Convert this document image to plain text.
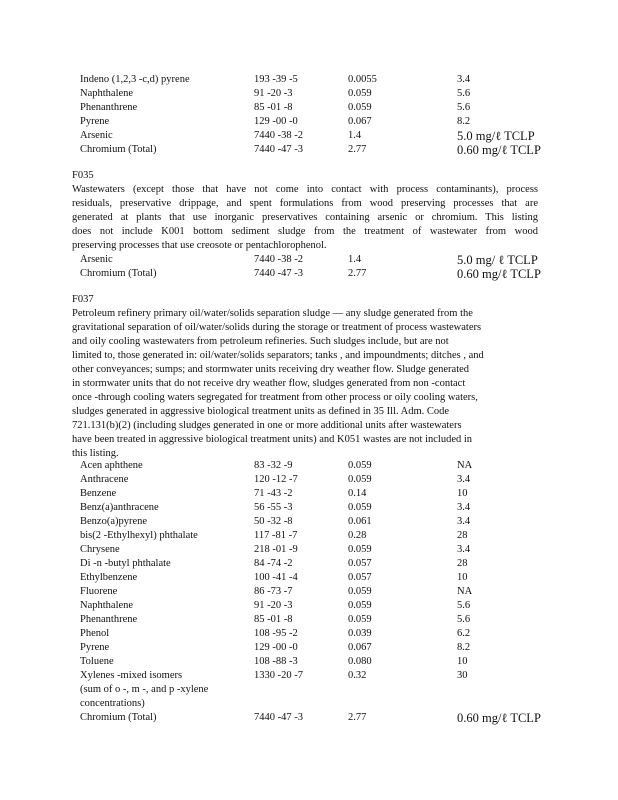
Indeno (1,2,3 -c,d) pyrene	193 -39 -5	0.0055	3.4
Naphthalene	91 -20 -3	0.059	5.6
Phenanthrene	85 -01 -8	0.059	5.6
Pyrene	129 -00 -0	0.067	8.2
Arsenic	7440 -38 -2	1.4	5.0 mg/ℓ TCLP
Chromium (Total)	7440 -47 -3	2.77	0.60 mg/ℓ TCLP
F035
Wastewaters (except those that have not come into contact with process contaminants), process
residuals, preservative drippage, and spent formulations from wood preserving processes that are
generated at plants that use inorganic preservatives containing arsenic or chromium. This listing
does not include K001 bottom sediment sludge from the treatment of wastewater from wood
preserving processes that use creosote or pentachlorophenol.
Arsenic	7440 -38 -2	1.4	5.0 mg/ ℓ TCLP
Chromium (Total)	7440 -47 -3	2.77	0.60 mg/ℓ TCLP
F037
Petroleum refinery primary oil/water/solids separation sludge — any sludge generated from the
gravitational separation of oil/water/solids during the storage or treatment of process wastewaters
and oily cooling wastewaters from petroleum refineries. Such sludges include, but are not
limited to, those generated in: oil/water/solids separators; tanks , and impoundments; ditches , and
other conveyances; sumps; and stormwater units receiving dry weather flow. Sludge generated
in stormwater units that do not receive dry weather flow, sludges generated from non -contact
once -through cooling waters segregated for treatment from other process or oily cooling waters,
sludges generated in aggressive biological treatment units as defined in 35 Ill. Adm. Code
721.131(b)(2) (including sludges generated in one or more additional units after wastewaters
have been treated in aggressive biological treatment units) and K051 wastes are not included in
this listing.
Acen aphthene	83 -32 -9	0.059	NA
Anthracene	120 -12 -7	0.059	3.4
Benzene	71 -43 -2	0.14	10
Benz(a)anthracene	56 -55 -3	0.059	3.4
Benzo(a)pyrene	50 -32 -8	0.061	3.4
bis(2 -Ethylhexyl) phthalate	117 -81 -7	0.28	28
Chrysene	218 -01 -9	0.059	3.4
Di -n -butyl phthalate	84 -74 -2	0.057	28
Ethylbenzene	100 -41 -4	0.057	10
Fluorene	86 -73 -7	0.059	NA
Naphthalene	91 -20 -3	0.059	5.6
Phenanthrene	85 -01 -8	0.059	5.6
Phenol	108 -95 -2	0.039	6.2
Pyrene	129 -00 -0	0.067	8.2
Toluene	108 -88 -3	0.080	10
Xylenes -mixed isomers	1330 -20 -7	0.32	30
(sum of o -, m -, and p -xylene
concentrations)
Chromium (Total)	7440 -47 -3	2.77	0.60 mg/ℓ TCLP
